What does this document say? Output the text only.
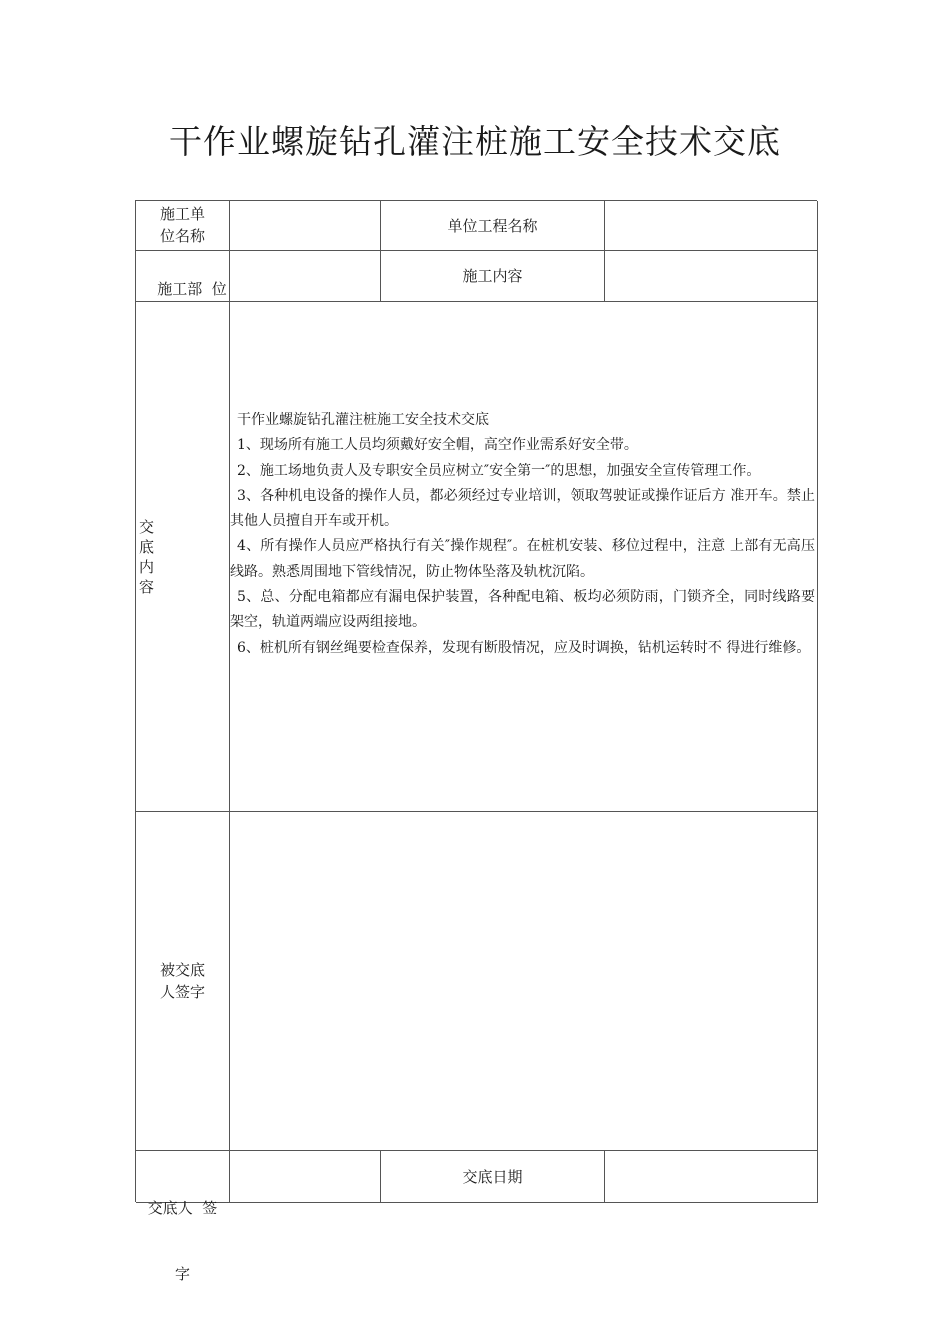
干作业螺旋钻孔灌注桩施工安全技术交底
施工单
位名称
单位工程名称

施工部  位

施工内容
交底内容

干作业螺旋钻孔灌注桩施工安全技术交底

1、现场所有施工人员均须戴好安全帽，高空作业需系好安全带。

2、施工场地负责人及专职安全员应树立″安全第一″的思想，加强安全宣传管理工作。

3、各种机电设备的操作人员，都必须经过专业培训，领取驾驶证或操作证后方 准开车。禁止其他人员擅自开车或开机。

4、所有操作人员应严格执行有关″操作规程″。在桩机安装、移位过程中，注意 上部有无高压线路。熟悉周围地下管线情况，防止物体坠落及轨枕沉陷。

5、总、分配电箱都应有漏电保护装置，各种配电箱、板均必须防雨，门锁齐全，同时线路要架空，轨道两端应设两组接地。

6、桩机所有钢丝绳要检查保养，发现有断股情况，应及时调换，钻机运转时不 得进行维修。

被交底
人签字

交底人  签

字

交底日期
